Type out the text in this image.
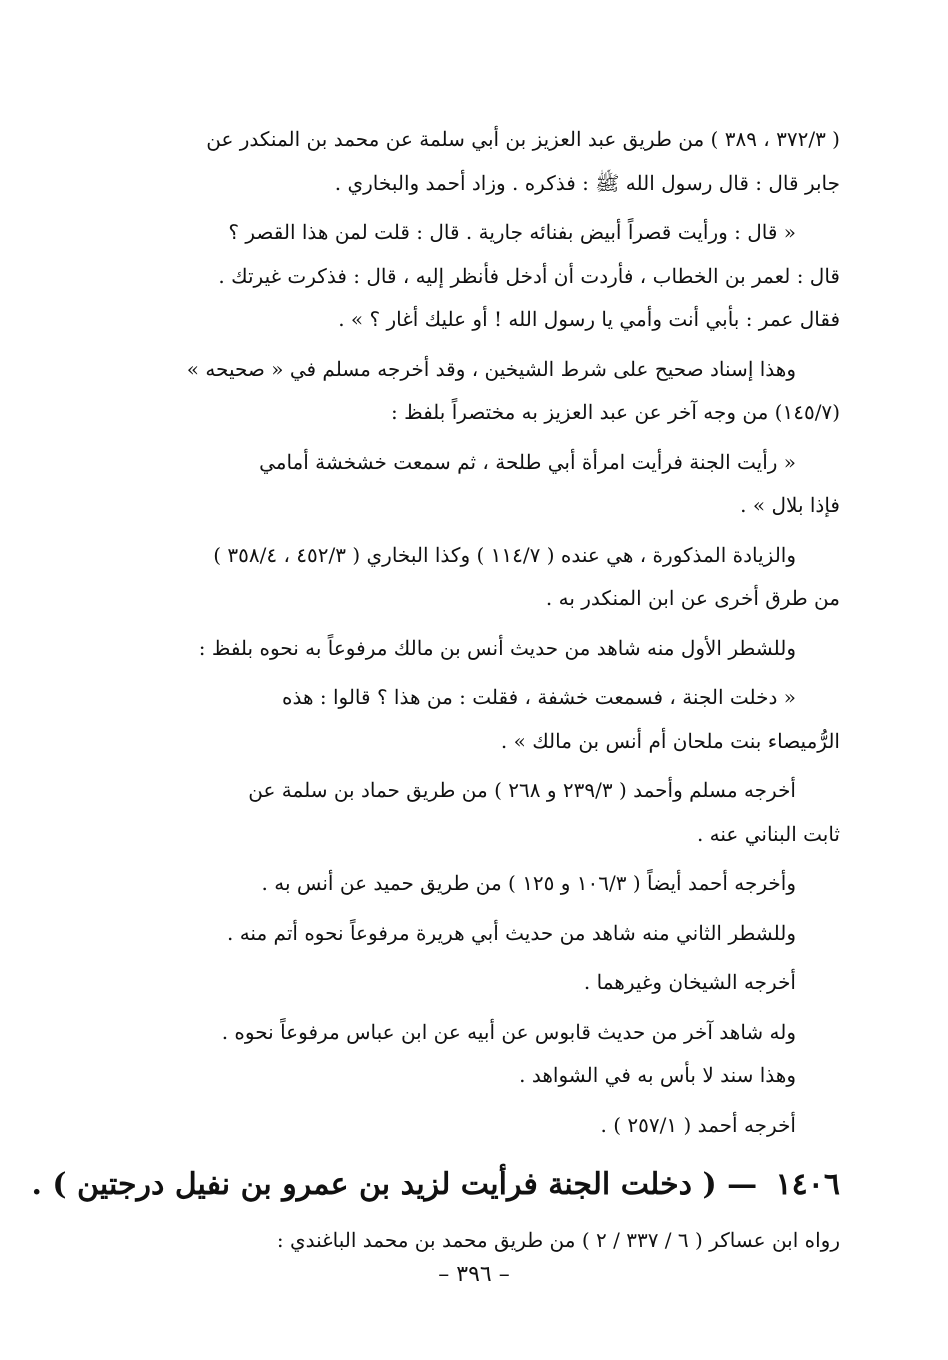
( ٣٧٢/٣ ، ٣٨٩ ) من طريق عبد العزيز بن أبي سلمة عن محمد بن المنكدر عن
جابر قال : قال رسول الله ﷺ : فذكره . وزاد أحمد والبخاري .

« قال : ورأيت قصراً أبيض بفنائه جارية . قال : قلت لمن هذا القصر ؟
قال : لعمر بن الخطاب ، فأردت أن أدخل فأنظر إليه ، قال : فذكرت غيرتك .
فقال عمر : بأبي أنت وأمي يا رسول الله ! أو عليك أغار ؟ » .

وهذا إسناد صحيح على شرط الشيخين ، وقد أخرجه مسلم في « صحيحه »
(١٤٥/٧) من وجه آخر عن عبد العزيز به مختصراً بلفظ :

« رأيت الجنة فرأيت امرأة أبي طلحة ، ثم سمعت خشخشة أمامي
فإذا بلال » .

والزيادة المذكورة ، هي عنده ( ١١٤/٧ ) وكذا البخاري ( ٤٥٢/٣ ، ٣٥٨/٤ )
من طرق أخرى عن ابن المنكدر به .

وللشطر الأول منه شاهد من حديث أنس بن مالك مرفوعاً به نحوه بلفظ :

« دخلت الجنة ، فسمعت خشفة ، فقلت : من هذا ؟ قالوا : هذه
الرُّميصاء بنت ملحان أم أنس بن مالك » .

أخرجه مسلم وأحمد ( ٢٣٩/٣ و ٢٦٨ ) من طريق حماد بن سلمة عن
ثابت البناني عنه .

وأخرجه أحمد أيضاً ( ١٠٦/٣ و ١٢٥ ) من طريق حميد عن أنس به .

وللشطر الثاني منه شاهد من حديث أبي هريرة مرفوعاً نحوه أتم منه .

أخرجه الشيخان وغيرهما .

وله شاهد آخر من حديث قابوس عن أبيه عن ابن عباس مرفوعاً نحوه .
وهذا سند لا بأس به في الشواهد .

أخرجه أحمد ( ٢٥٧/١ ) .

١٤٠٦ — ( دخلت الجنة فرأيت لزيد بن عمرو بن نفيل درجتين ) .

رواه ابن عساكر ( ٦ / ٣٣٧ / ٢ ) من طريق محمد بن محمد الباغندي :

– ٣٩٦ –
